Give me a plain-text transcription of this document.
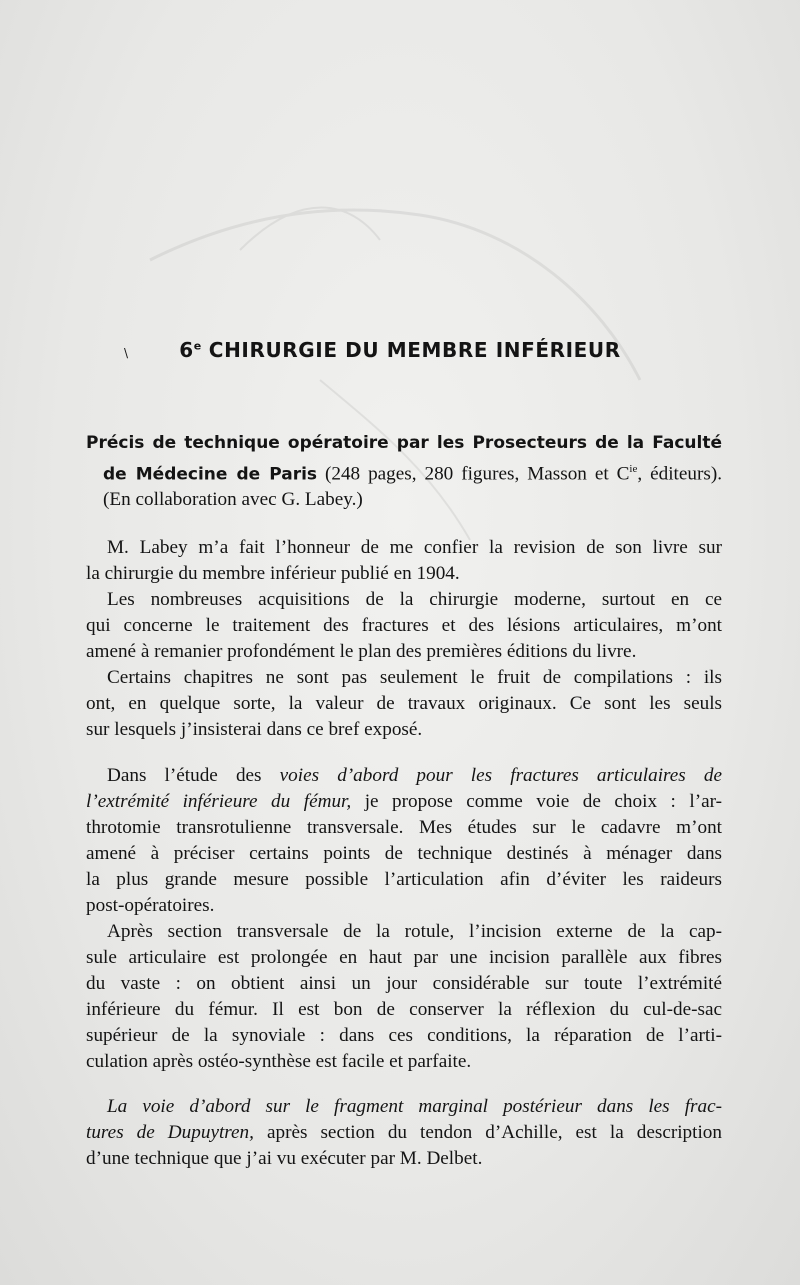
\	6e CHIRURGIE DU MEMBRE INFÉRIEUR
Précis de technique opératoire par les Prosecteurs de la Faculté
de Médecine de Paris (248 pages, 280 figures, Masson et $C^{ie}$, éditeurs).
(En collaboration avec G. Labey.)
M. Labey m’a fait l’honneur de me confier la revision de son livre sur
la chirurgie du membre inférieur publié en 1904.
Les nombreuses acquisitions de la chirurgie moderne, surtout en ce
qui concerne le traitement des fractures et des lésions articulaires, m’ont
amené à remanier profondément le plan des premières éditions du livre.
Certains chapitres ne sont pas seulement le fruit de compilations : ils
ont, en quelque sorte, la valeur de travaux originaux. Ce sont les seuls
sur lesquels j’insisterai dans ce bref exposé.
Dans l’étude des voies d’abord pour les fractures articulaires de
l’extrémité inférieure du fémur, je propose comme voie de choix : l’ar-
throtomie transrotulienne transversale. Mes études sur le cadavre m’ont
amené à préciser certains points de technique destinés à ménager dans
la plus grande mesure possible l’articulation afin d’éviter les raideurs
post-opératoires.
Après section transversale de la rotule, l’incision externe de la cap-
sule articulaire est prolongée en haut par une incision parallèle aux fibres
du vaste : on obtient ainsi un jour considérable sur toute l’extrémité
inférieure du fémur. Il est bon de conserver la réflexion du cul-de-sac
supérieur de la synoviale : dans ces conditions, la réparation de l’arti-
culation après ostéo-synthèse est facile et parfaite.
La voie d’abord sur le fragment marginal postérieur dans les frac-
tures de Dupuytren, après section du tendon d’Achille, est la description
d’une technique que j’ai vu exécuter par M. Delbet.
